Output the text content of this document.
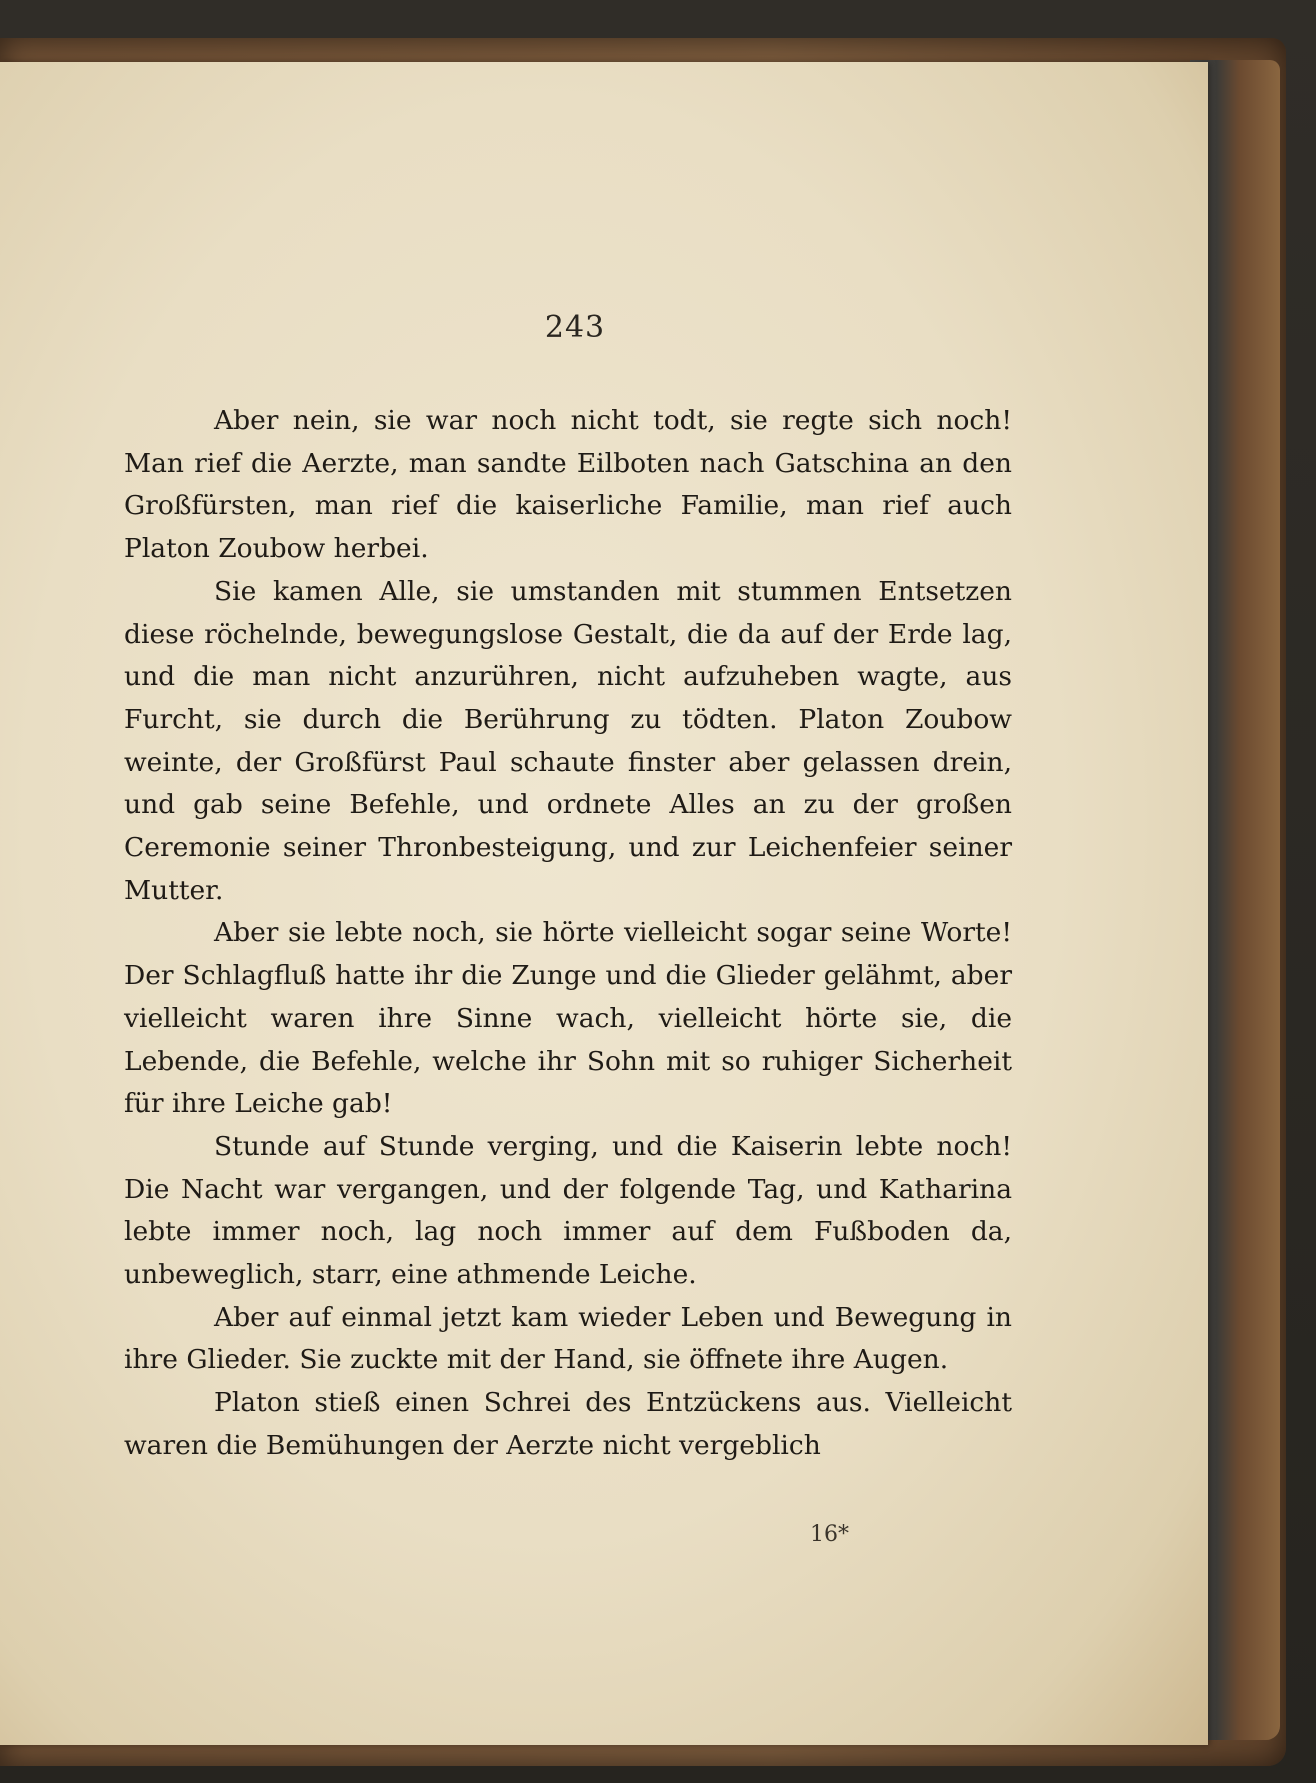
243

Aber nein, sie war noch nicht todt, sie regte sich noch! Man rief die Aerzte, man sandte Eilboten nach Gatschina an den Großfürsten, man rief die kaiserliche Familie, man rief auch Platon Zoubow herbei.

Sie kamen Alle, sie umstanden mit stummen Entsetzen diese röchelnde, bewegungslose Gestalt, die da auf der Erde lag, und die man nicht anzurühren, nicht aufzuheben wagte, aus Furcht, sie durch die Berührung zu tödten. Platon Zoubow weinte, der Großfürst Paul schaute finster aber gelassen drein, und gab seine Befehle, und ordnete Alles an zu der großen Ceremonie seiner Thronbesteigung, und zur Leichenfeier seiner Mutter.

Aber sie lebte noch, sie hörte vielleicht sogar seine Worte! Der Schlagfluß hatte ihr die Zunge und die Glieder gelähmt, aber vielleicht waren ihre Sinne wach, vielleicht hörte sie, die Lebende, die Befehle, welche ihr Sohn mit so ruhiger Sicherheit für ihre Leiche gab!

Stunde auf Stunde verging, und die Kaiserin lebte noch! Die Nacht war vergangen, und der folgende Tag, und Katharina lebte immer noch, lag noch immer auf dem Fußboden da, unbeweglich, starr, eine athmende Leiche.

Aber auf einmal jetzt kam wieder Leben und Bewegung in ihre Glieder. Sie zuckte mit der Hand, sie öffnete ihre Augen.

Platon stieß einen Schrei des Entzückens aus. Vielleicht waren die Bemühungen der Aerzte nicht vergeblich

16*
